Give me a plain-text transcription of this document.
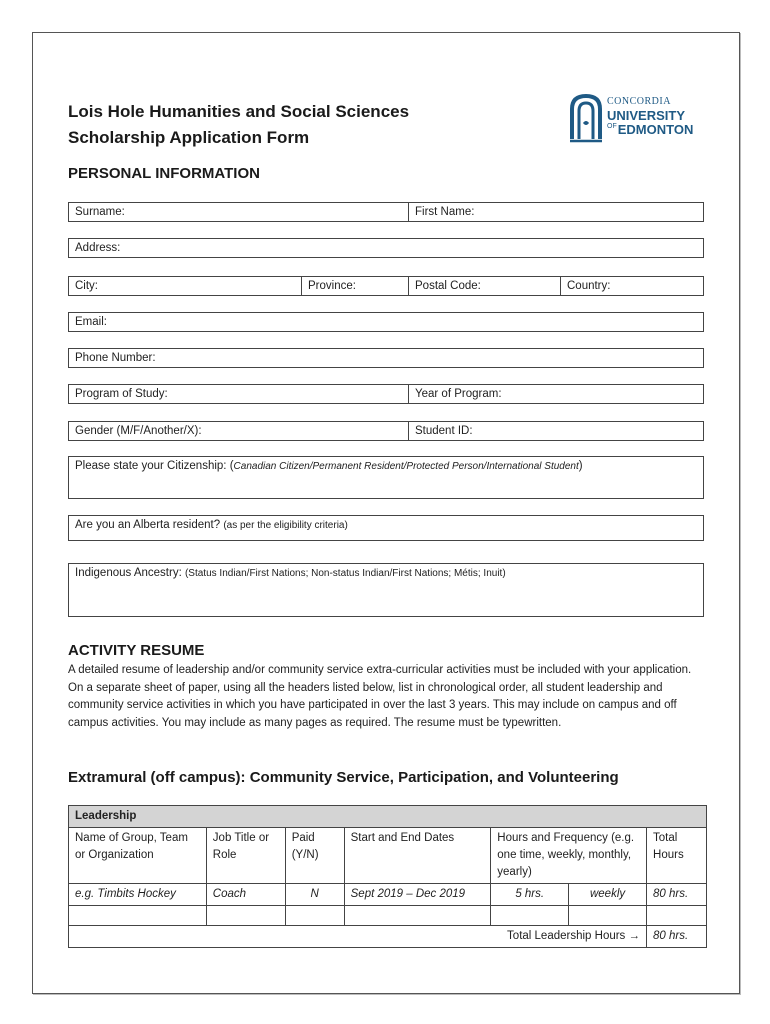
Lois Hole Humanities and Social Sciences
Scholarship Application Form
CONCORDIA
UNIVERSITY
$^{OF}$EDMONTON
PERSONAL INFORMATION
Surname:	First Name:
Address:
City:	Province:	Postal Code:	Country:
Email:
Phone Number:
Program of Study:	Year of Program:
Gender (M/F/Another/X):	Student ID:
Please state your Citizenship: (Canadian Citizen/Permanent Resident/Protected Person/International Student)
Are you an Alberta resident? (as per the eligibility criteria)
Indigenous Ancestry: (Status Indian/First Nations; Non-status Indian/First Nations; Métis; Inuit)
ACTIVITY RESUME
A detailed resume of leadership and/or community service extra-curricular activities must be included with your application. On a separate sheet of paper, using all the headers listed below, list in chronological order, all student leadership and community service activities in which you have participated in over the last 3 years. This may include on campus and off campus activities. You may include as many pages as required. The resume must be typewritten.
Extramural (off campus): Community Service, Participation, and Volunteering
Leadership						
Name of Group, Team or Organization	Job Title or Role	Paid (Y/N)	Start and End Dates	Hours and Frequency (e.g. one time, weekly, monthly, yearly)		Total Hours
e.g. Timbits Hockey	Coach	N	Sept 2019 – Dec 2019	5 hrs.	weekly	80 hrs.

Total Leadership Hours →						80 hrs.
